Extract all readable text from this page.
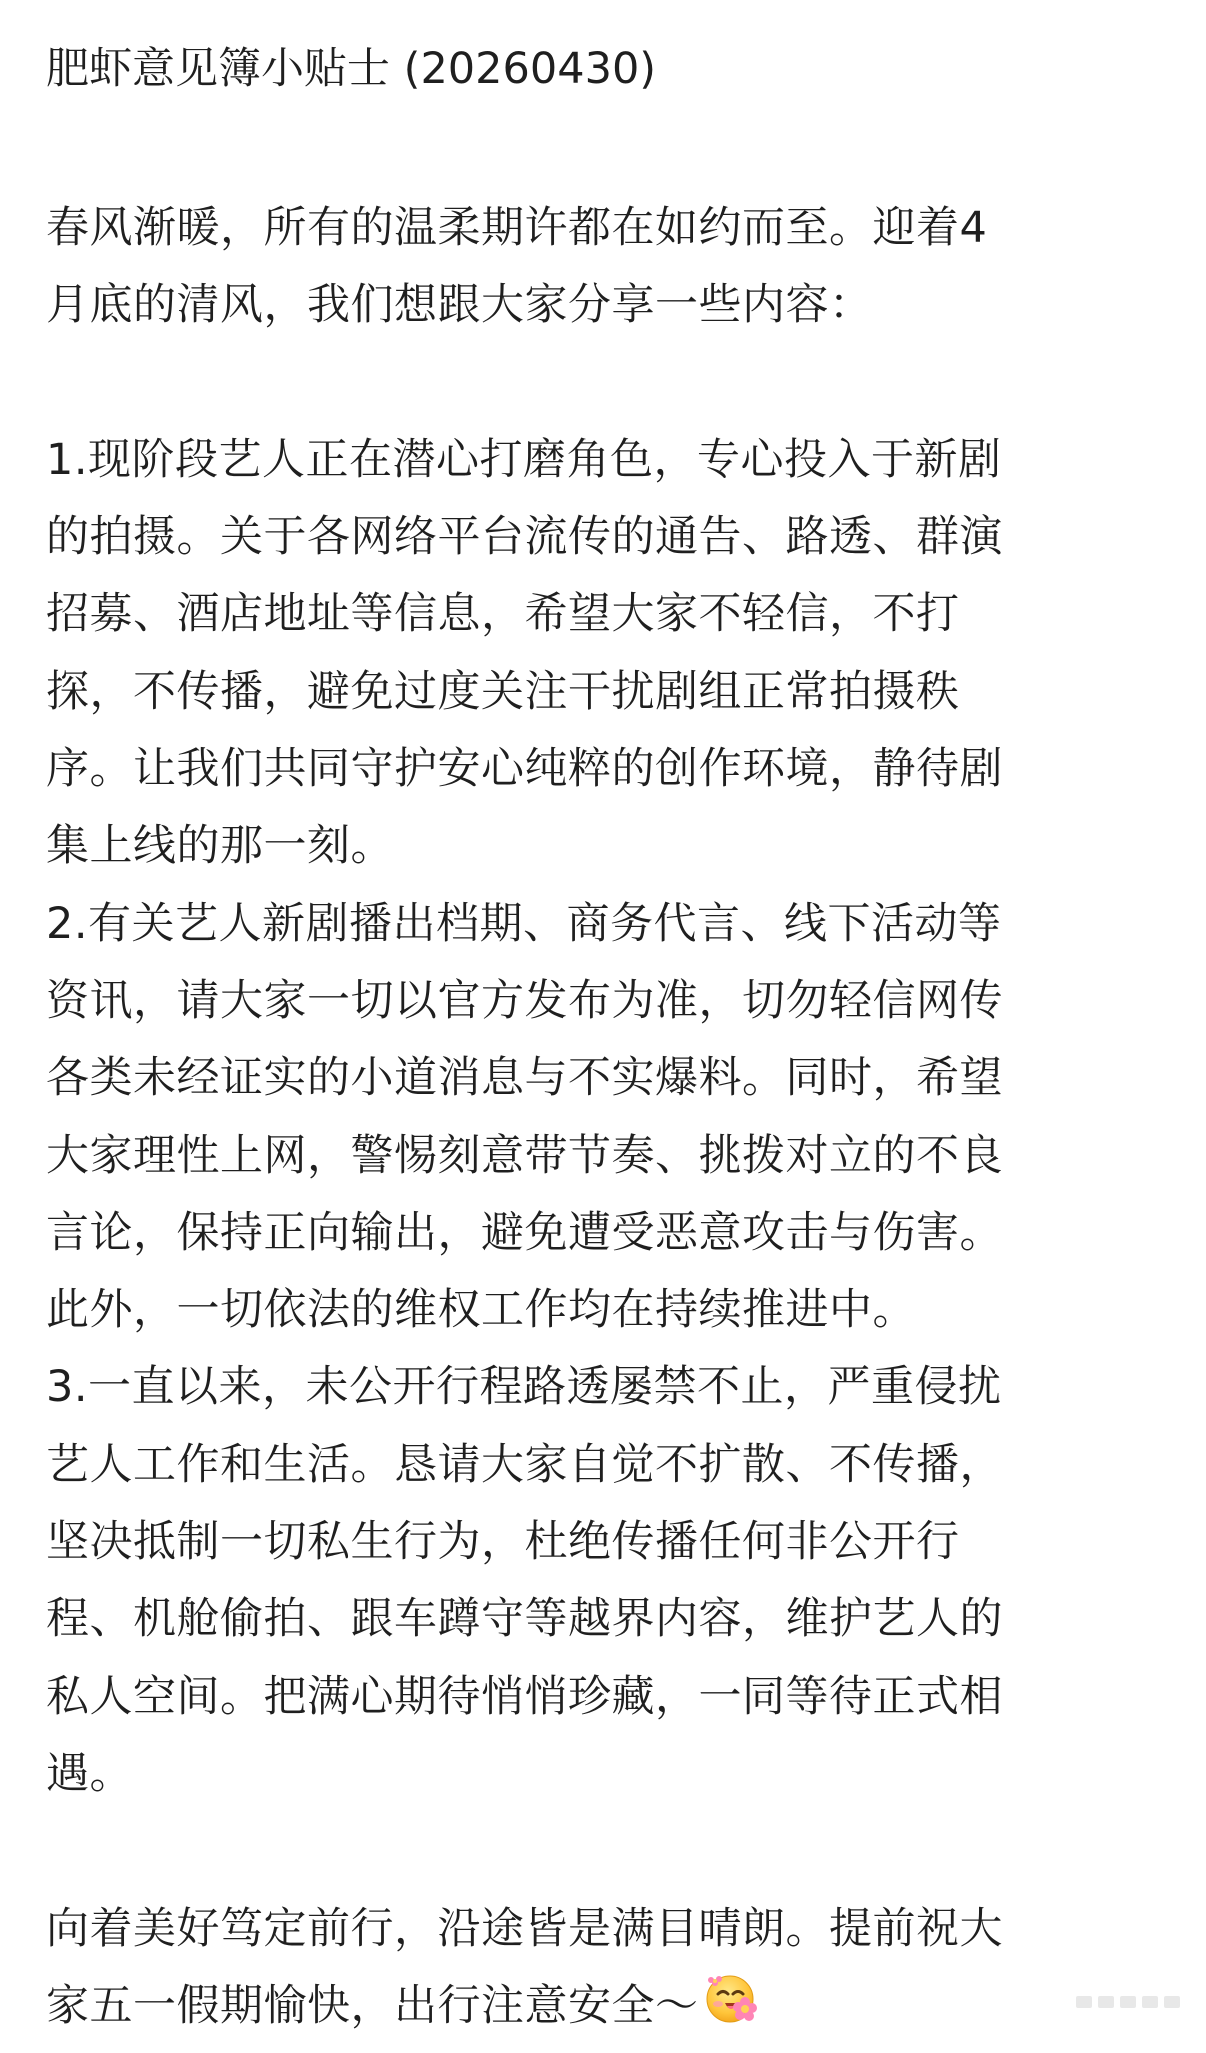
肥虾意见簿小贴士 (20260430)
春风渐暖，所有的温柔期许都在如约而至。迎着4
月底的清风，我们想跟大家分享一些内容：
1.现阶段艺人正在潜心打磨角色，专心投入于新剧
的拍摄。关于各网络平台流传的通告、路透、群演
招募、酒店地址等信息，希望大家不轻信，不打
探，不传播，避免过度关注干扰剧组正常拍摄秩
序。让我们共同守护安心纯粹的创作环境，静待剧
集上线的那一刻。
2.有关艺人新剧播出档期、商务代言、线下活动等
资讯，请大家一切以官方发布为准，切勿轻信网传
各类未经证实的小道消息与不实爆料。同时，希望
大家理性上网，警惕刻意带节奏、挑拨对立的不良
言论，保持正向输出，避免遭受恶意攻击与伤害。
此外，一切依法的维权工作均在持续推进中。
3.一直以来，未公开行程路透屡禁不止，严重侵扰
艺人工作和生活。恳请大家自觉不扩散、不传播，
坚决抵制一切私生行为，杜绝传播任何非公开行
程、机舱偷拍、跟车蹲守等越界内容，维护艺人的
私人空间。把满心期待悄悄珍藏，一同等待正式相
遇。
向着美好笃定前行，沿途皆是满目晴朗。提前祝大
家五一假期愉快，出行注意安全～
